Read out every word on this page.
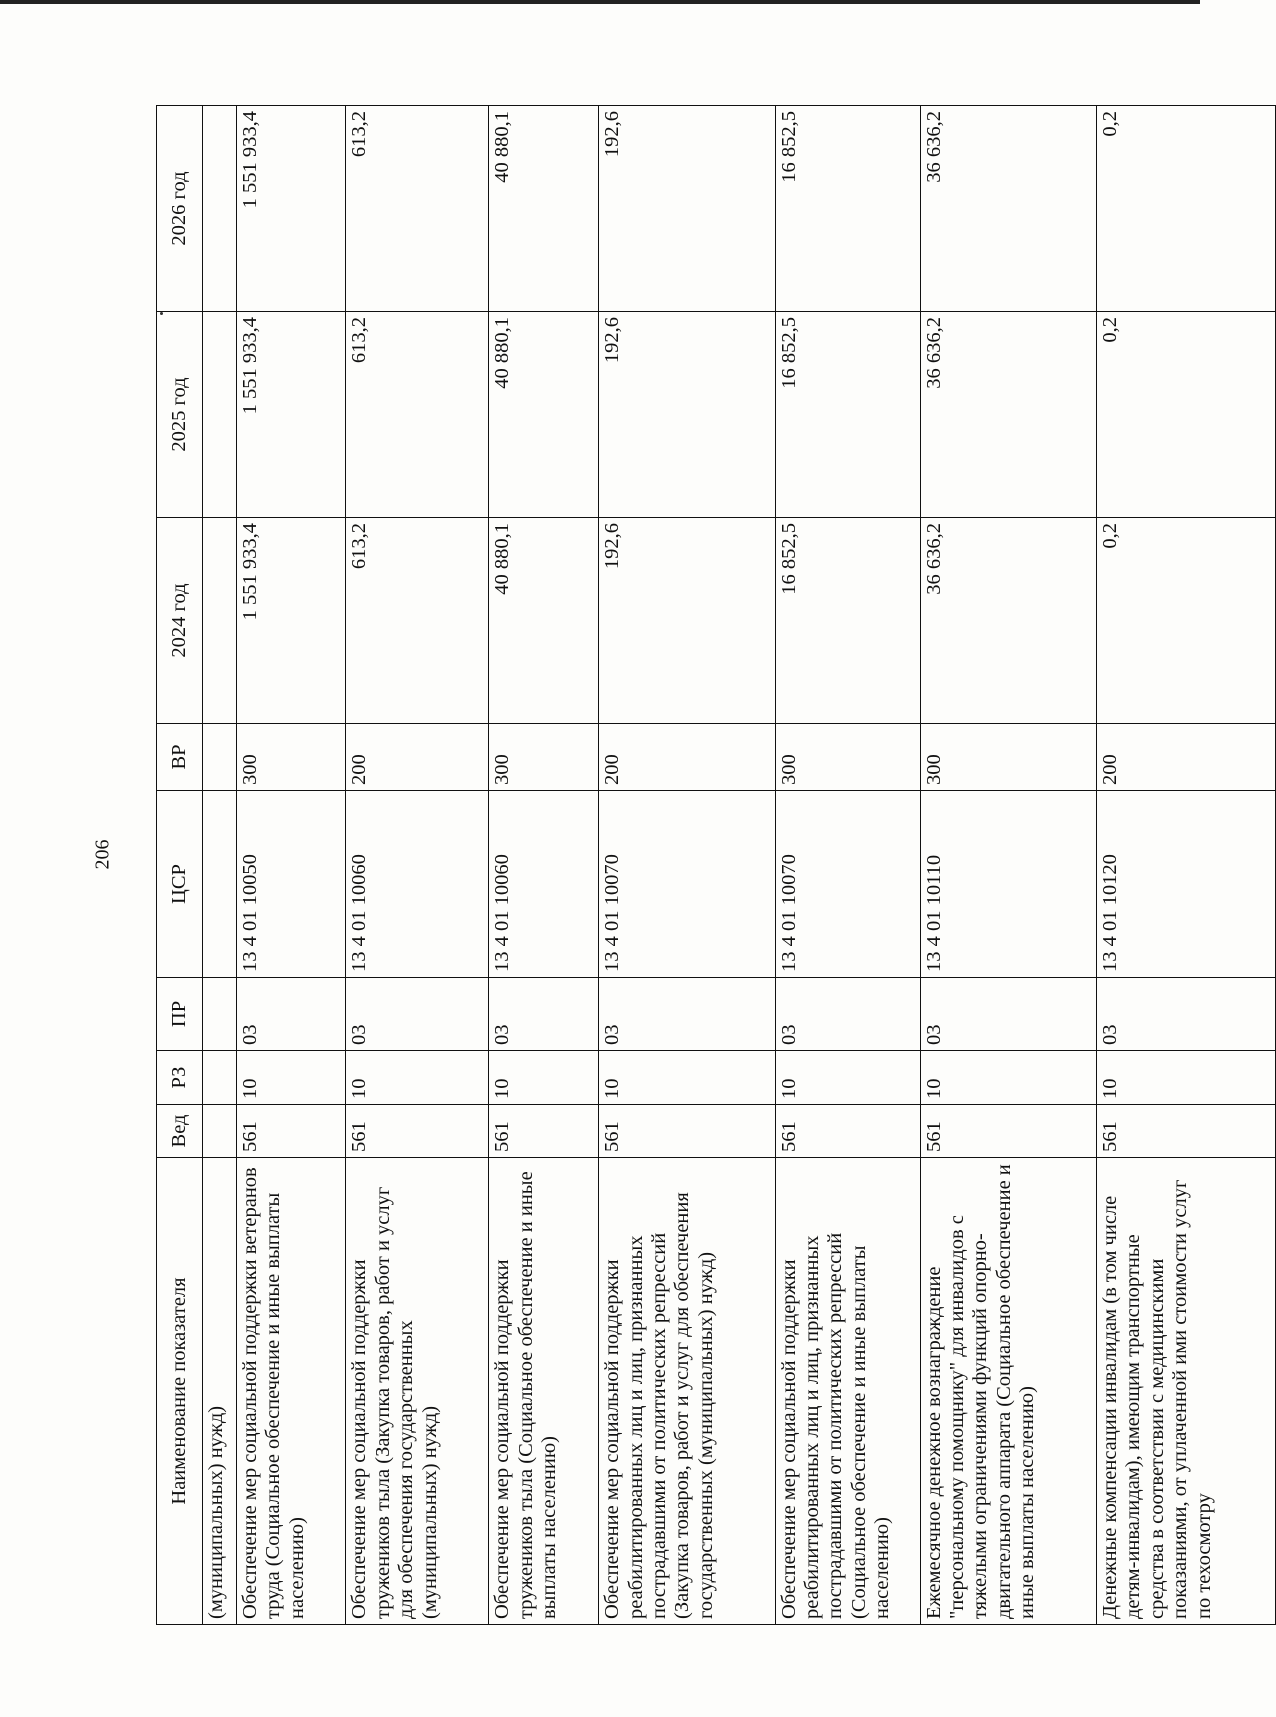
206
Наименование показателя	Вед	РЗ	ПР	ЦСР	ВР	2024 год	2025 год	2026 год
(муниципальных) нужд)								
Обеспечение мер социальной поддержки ветеранов труда (Социальное обеспечение и иные выплаты населению)	561	10	03	13 4 01 10050	300	1 551 933,4	1 551 933,4	1 551 933,4
Обеспечение мер социальной поддержки тружеников тыла (Закупка товаров, работ и услуг для обеспечения государственных (муниципальных) нужд)	561	10	03	13 4 01 10060	200	613,2	613,2	613,2
Обеспечение мер социальной поддержки тружеников тыла (Социальное обеспечение и иные выплаты населению)	561	10	03	13 4 01 10060	300	40 880,1	40 880,1	40 880,1
Обеспечение мер социальной поддержки реабилитированных лиц и лиц, признанных пострадавшими от политических репрессий (Закупка товаров, работ и услуг для обеспечения государственных (муниципальных) нужд)	561	10	03	13 4 01 10070	200	192,6	192,6	192,6
Обеспечение мер социальной поддержки реабилитированных лиц и лиц, признанных пострадавшими от политических репрессий (Социальное обеспечение и иные выплаты населению)	561	10	03	13 4 01 10070	300	16 852,5	16 852,5	16 852,5
Ежемесячное денежное вознаграждение "персональному помощнику" для инвалидов с тяжелыми ограничениями функций опорно-двигательного аппарата (Социальное обеспечение и иные выплаты населению)	561	10	03	13 4 01 10110	300	36 636,2	36 636,2	36 636,2
Денежные компенсации инвалидам (в том числе детям-инвалидам), имеющим транспортные средства в соответствии с медицинскими показаниями, от уплаченной ими стоимости услуг по техосмотру	561	10	03	13 4 01 10120	200	0,2	0,2	0,2
